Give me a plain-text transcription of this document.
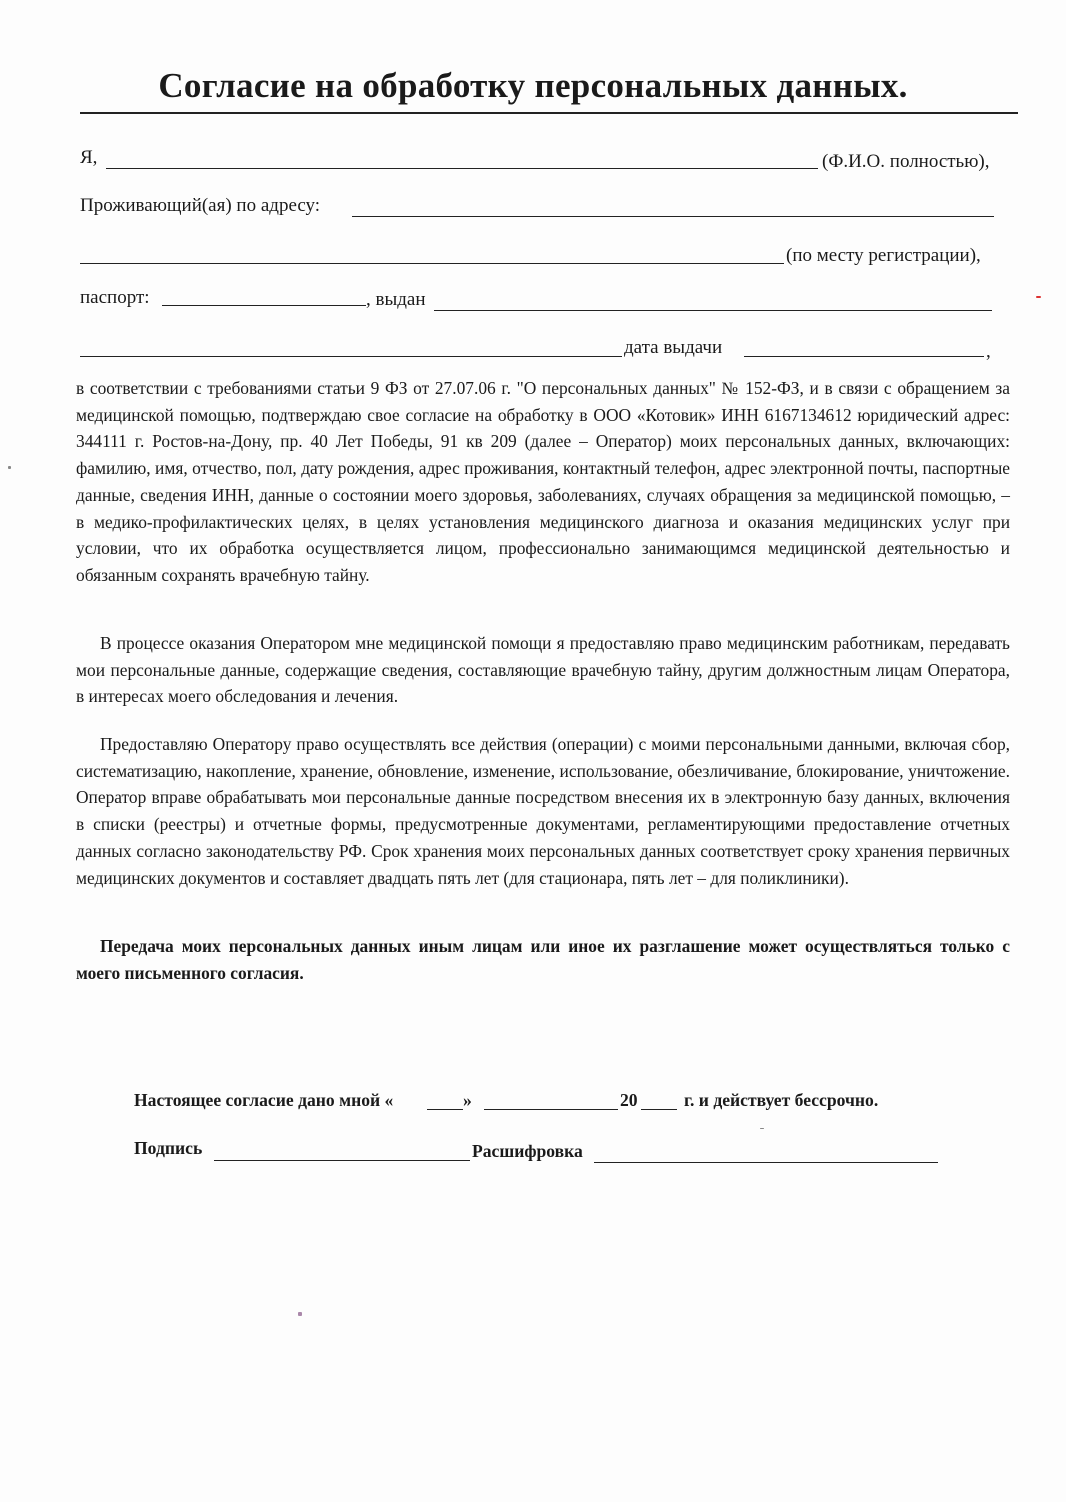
Согласие на обработку персональных данных.
Я,	(Ф.И.О. полностью),
Проживающий(ая) по адресу:
(по месту регистрации),
паспорт:	, выдан
дата выдачи	,
в соответствии с требованиями статьи 9 ФЗ от 27.07.06 г. "О персональных данных" № 152-ФЗ, и в связи с обращением за медицинской помощью, подтверждаю свое согласие на обработку в ООО «Котовик» ИНН 6167134612 юридический адрес: 344111 г. Ростов-на-Дону, пр. 40 Лет Победы, 91 кв 209 (далее – Оператор) моих персональных данных, включающих: фамилию, имя, отчество, пол, дату рождения, адрес проживания, контактный телефон, адрес электронной почты, паспортные данные, сведения ИНН, данные о состоянии моего здоровья, заболеваниях, случаях обращения за медицинской помощью, – в медико-профилактических целях, в целях установления медицинского диагноза и оказания медицинских услуг при условии, что их обработка осуществляется лицом, профессионально занимающимся медицинской деятельностью и обязанным сохранять врачебную тайну.
В процессе оказания Оператором мне медицинской помощи я предоставляю право медицинским работникам, передавать мои персональные данные, содержащие сведения, составляющие врачебную тайну, другим должностным лицам Оператора, в интересах моего обследования и лечения.
Предоставляю Оператору право осуществлять все действия (операции) с моими персональными данными, включая сбор, систематизацию, накопление, хранение, обновление, изменение, использование, обезличивание, блокирование, уничтожение. Оператор вправе обрабатывать мои персональные данные посредством внесения их в электронную базу данных, включения в списки (реестры) и отчетные формы, предусмотренные документами, регламентирующими предоставление отчетных данных согласно законодательству РФ. Срок хранения моих персональных данных соответствует сроку хранения первичных медицинских документов и составляет двадцать пять лет (для стационара, пять лет – для поликлиники).
Передача моих персональных данных иным лицам или иное их разглашение может осуществляться только с моего письменного согласия.
Настоящее согласие дано мной «	»	20	г. и действует бессрочно.
Подпись	Расшифровка
